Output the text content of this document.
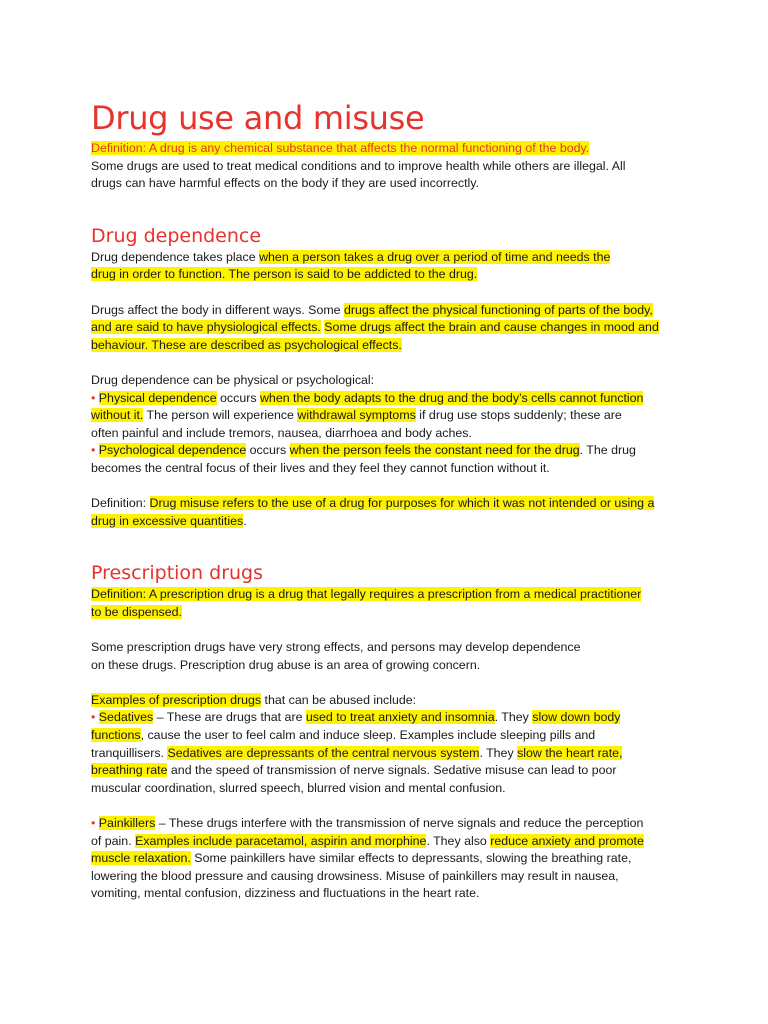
Drug use and misuse

Definition: A drug is any chemical substance that affects the normal functioning of the body.

Some drugs are used to treat medical conditions and to improve health while others are illegal. All
drugs can have harmful effects on the body if they are used incorrectly.

Drug dependence

Drug dependence takes place when a person takes a drug over a period of time and needs the
drug in order to function. The person is said to be addicted to the drug.

Drugs affect the body in different ways. Some drugs affect the physical functioning of parts of the body,
and are said to have physiological effects. Some drugs affect the brain and cause changes in mood and
behaviour. These are described as psychological effects.

Drug dependence can be physical or psychological:

• Physical dependence occurs when the body adapts to the drug and the body’s cells cannot function
without it. The person will experience withdrawal symptoms if drug use stops suddenly; these are
often painful and include tremors, nausea, diarrhoea and body aches.

• Psychological dependence occurs when the person feels the constant need for the drug. The drug
becomes the central focus of their lives and they feel they cannot function without it.

Definition: Drug misuse refers to the use of a drug for purposes for which it was not intended or using a
drug in excessive quantities.

Prescription drugs

Definition: A prescription drug is a drug that legally requires a prescription from a medical practitioner
to be dispensed.

Some prescription drugs have very strong effects, and persons may develop dependence
on these drugs. Prescription drug abuse is an area of growing concern.

Examples of prescription drugs that can be abused include:

• Sedatives – These are drugs that are used to treat anxiety and insomnia. They slow down body
functions, cause the user to feel calm and induce sleep. Examples include sleeping pills and
tranquillisers. Sedatives are depressants of the central nervous system. They slow the heart rate,
breathing rate and the speed of transmission of nerve signals. Sedative misuse can lead to poor
muscular coordination, slurred speech, blurred vision and mental confusion.

• Painkillers – These drugs interfere with the transmission of nerve signals and reduce the perception
of pain. Examples include paracetamol, aspirin and morphine. They also reduce anxiety and promote
muscle relaxation. Some painkillers have similar effects to depressants, slowing the breathing rate,
lowering the blood pressure and causing drowsiness. Misuse of painkillers may result in nausea,
vomiting, mental confusion, dizziness and fluctuations in the heart rate.
